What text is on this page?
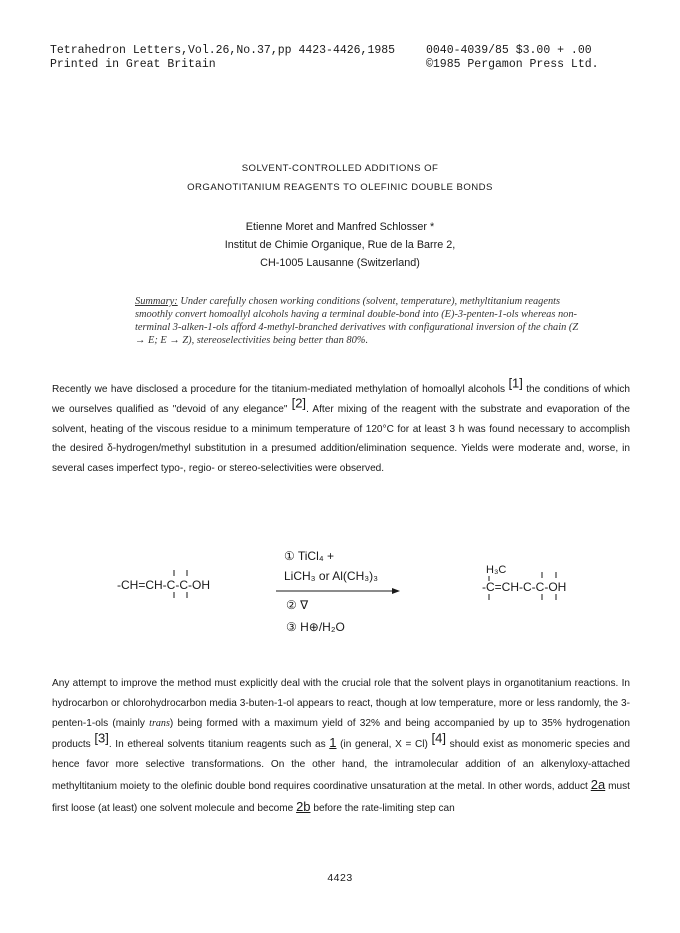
Tetrahedron Letters,Vol.26,No.37,pp 4423-4426,1985
Printed in Great Britain
0040-4039/85 $3.00 + .00
©1985 Pergamon Press Ltd.
SOLVENT-CONTROLLED ADDITIONS OF
ORGANOTITANIUM REAGENTS TO OLEFINIC DOUBLE BONDS
Etienne Moret and Manfred Schlosser *
Institut de Chimie Organique, Rue de la Barre 2,
CH-1005 Lausanne (Switzerland)
Summary: Under carefully chosen working conditions (solvent, temperature), methyltitanium reagents smoothly convert homoallyl alcohols having a terminal double-bond into (E)-3-penten-1-ols whereas non-terminal 3-alken-1-ols afford 4-methyl-branched derivatives with configurational inversion of the chain (Z → E; E → Z), stereoselectivities being better than 80%.
Recently we have disclosed a procedure for the titanium-mediated methylation of homoallyl alcohols [1] the conditions of which we ourselves qualified as "devoid of any elegance" [2]. After mixing of the reagent with the substrate and evaporation of the solvent, heating of the viscous residue to a minimum temperature of 120°C for at least 3 h was found necessary to accomplish the desired δ-hydrogen/methyl substitution in a presumed addition/elimination sequence. Yields were moderate and, worse, in several cases imperfect typo-, regio- or stereo-selectivities were observed.
-CH=CH-C-C-OH
① TiCl₄ +
LiCH₃ or Al(CH₃)₃
② ∇
③ H⊕/H₂O
H₃C
-C=CH-C-C-OH
Any attempt to improve the method must explicitly deal with the crucial role that the solvent plays in organotitanium reactions. In hydrocarbon or chlorohydrocarbon media 3-buten-1-ol appears to react, though at low temperature, more or less randomly, the 3-penten-1-ols (mainly trans) being formed with a maximum yield of 32% and being accompanied by up to 35% hydrogenation products [3]. In ethereal solvents titanium reagents such as 1 (in general, X = Cl) [4] should exist as monomeric species and hence favor more selective transformations. On the other hand, the intramolecular addition of an alkenyloxy-attached methyltitanium moiety to the olefinic double bond requires coordinative unsaturation at the metal. In other words, adduct 2a must first loose (at least) one solvent molecule and become 2b before the rate-limiting step can
4423
